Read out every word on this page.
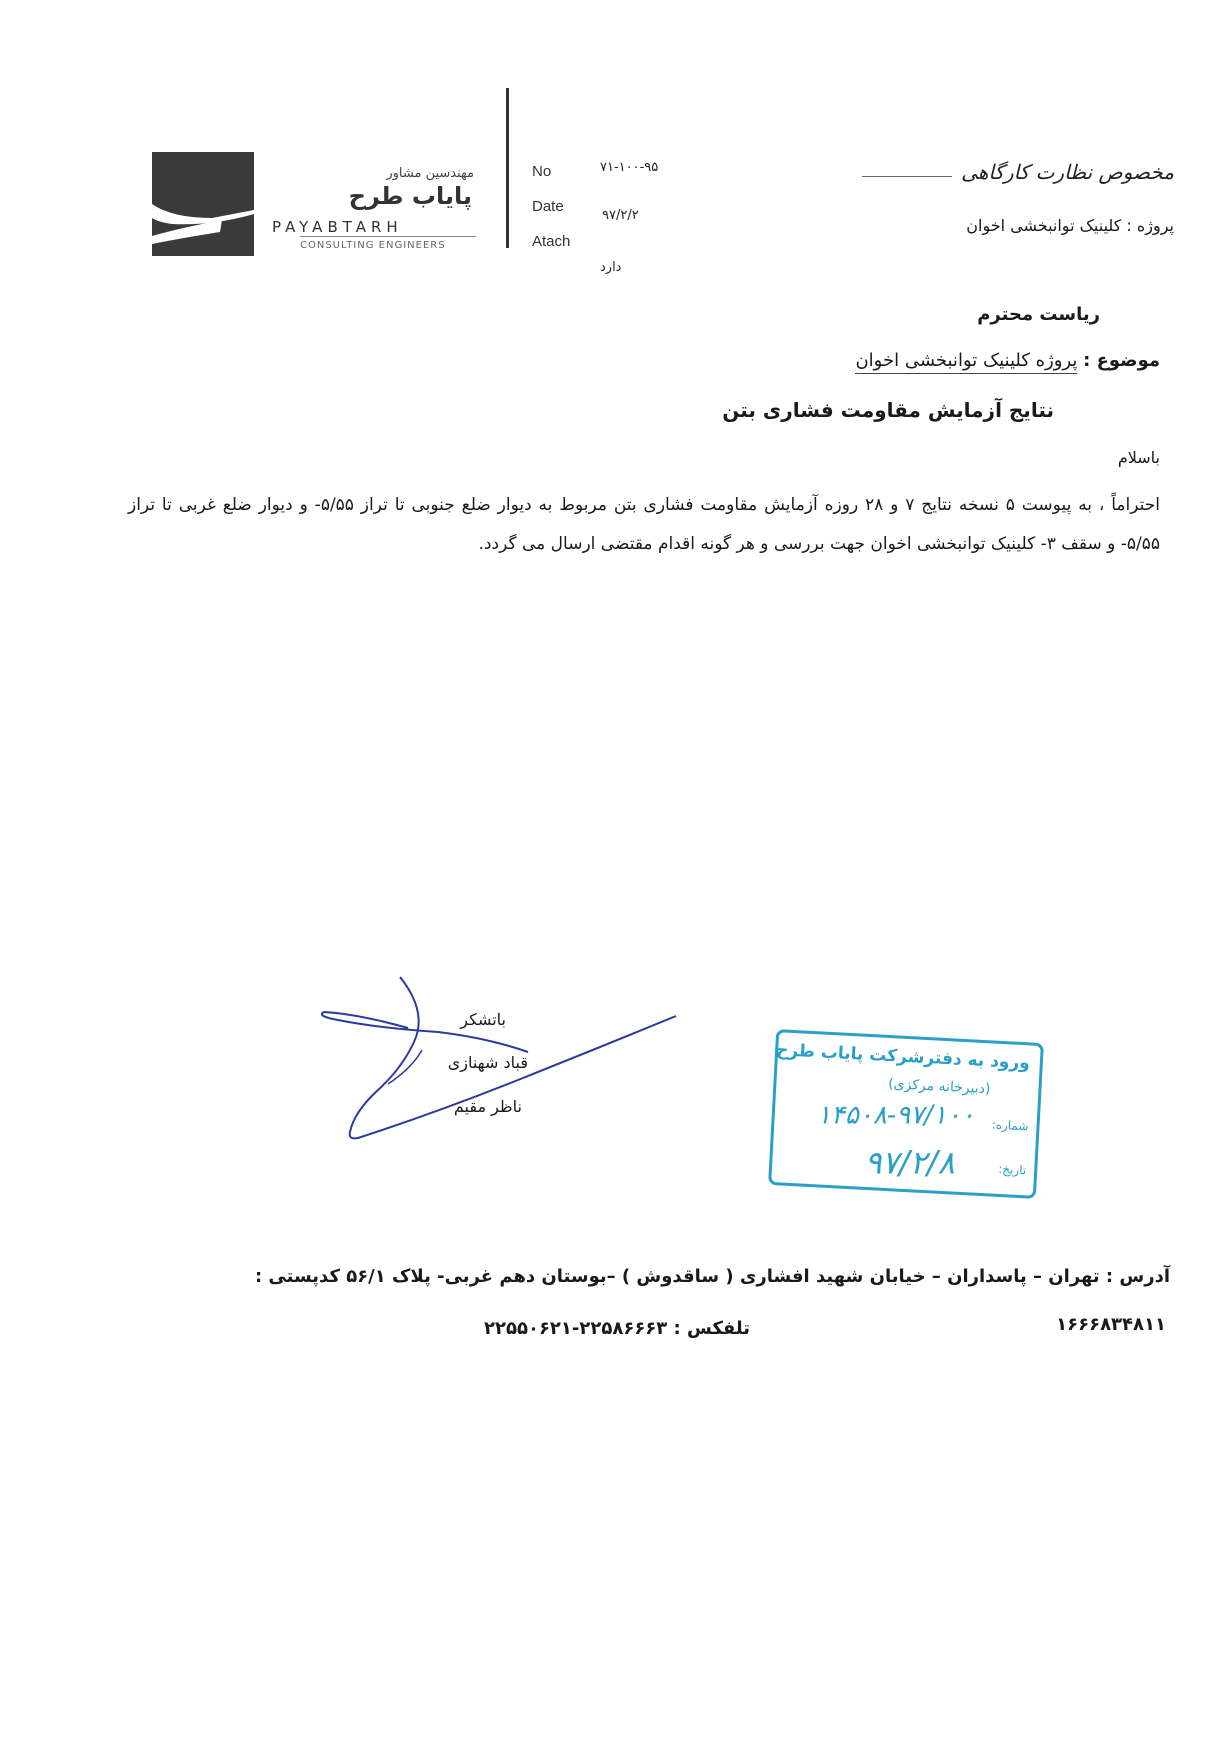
مهندسین مشاور
پایاب طرح
PAYABTARH
CONSULTING ENGINEERS
No	۷۱-۱۰۰-۹۵
Date
۹۷/۲/۲
Atach
دارد
مخصوص نظارت کارگاهی
پروژه : کلینیک توانبخشی اخوان
ریاست محترم
موضوع : پروژه کلینیک توانبخشی اخوان
نتایج آزمایش مقاومت فشاری بتن
باسلام
احتراماً ، به پیوست ۵ نسخه نتایج ۷ و ۲۸ روزه آزمایش مقاومت فشاری بتن مربوط به دیوار ضلع جنوبی تا تراز ۵/۵۵- و دیوار ضلع غربی تا تراز ۵/۵۵- و سقف ۳- کلینیک توانبخشی اخوان جهت بررسی و هر گونه اقدام مقتضی ارسال می گردد.
باتشکر
قباد شهنازی
ناظر مقیم
ورود به دفترشرکت پایاب طرح
(دبیرخانه مرکزی)
شماره:
۱۴۵۰۸-۹۷/۱۰۰
تاریخ:
۹۷/۲/۸
آدرس : تهران – پاسداران – خیابان شهید افشاری ( ساقدوش ) –بوستان دهم غربی- پلاک ۵۶/۱ کدپستی :
۱۶۶۶۸۳۴۸۱۱
تلفکس : ۲۲۵۸۶۶۶۳-۲۲۵۵۰۶۲۱
